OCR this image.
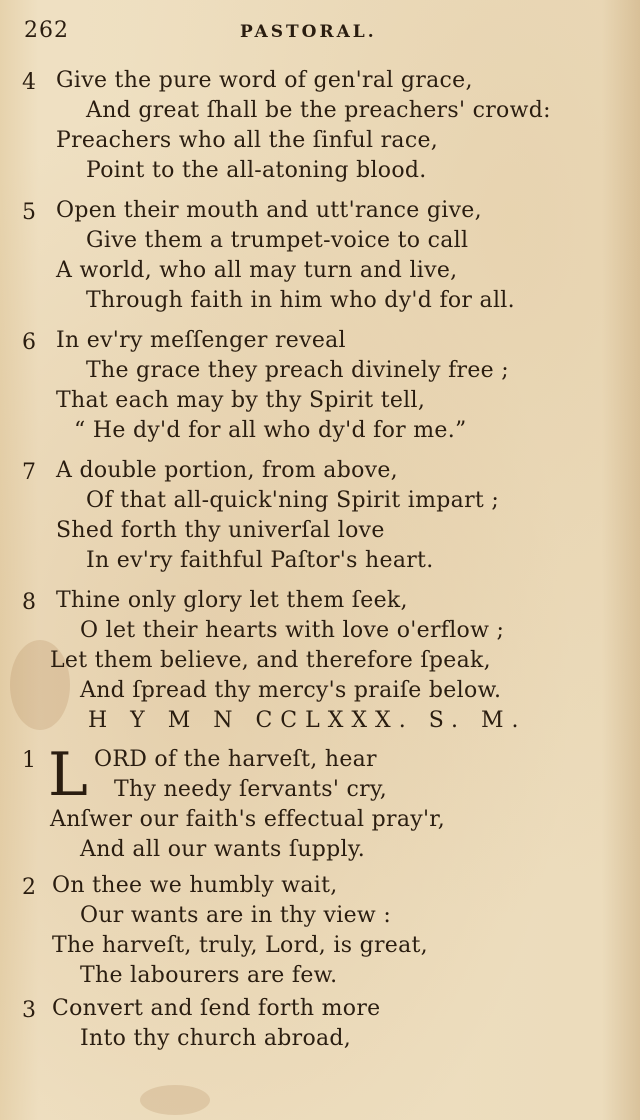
262	PASTORAL.
4 Give the pure word of gen'ral grace,
And great ſhall be the preachers' crowd:
Preachers who all the ſinful race,
Point to the all-atoning blood.
5 Open their mouth and utt'rance give,
Give them a trumpet-voice to call
A world, who all may turn and live,
Through faith in him who dy'd for all.
6 In ev'ry meſſenger reveal
The grace they preach divinely free ;
That each may by thy Spirit tell,
“ He dy'd for all who dy'd for me.”
7 A double portion, from above,
Of that all-quick'ning Spirit impart ;
Shed forth thy univerſal love
In ev'ry faithful Paſtor's heart.
8 Thine only glory let them ſeek,
O let their hearts with love o'erflow ;
Let them believe, and therefore ſpeak,
And ſpread thy mercy's praiſe below.
H Y M N CCLXXX. S. M.
1 L ORD of the harveſt, hear
Thy needy ſervants' cry,
Anſwer our faith's effectual pray'r,
And all our wants ſupply.
2 On thee we humbly wait,
Our wants are in thy view :
The harveſt, truly, Lord, is great,
The labourers are few.
3 Convert and ſend forth more
Into thy church abroad,
